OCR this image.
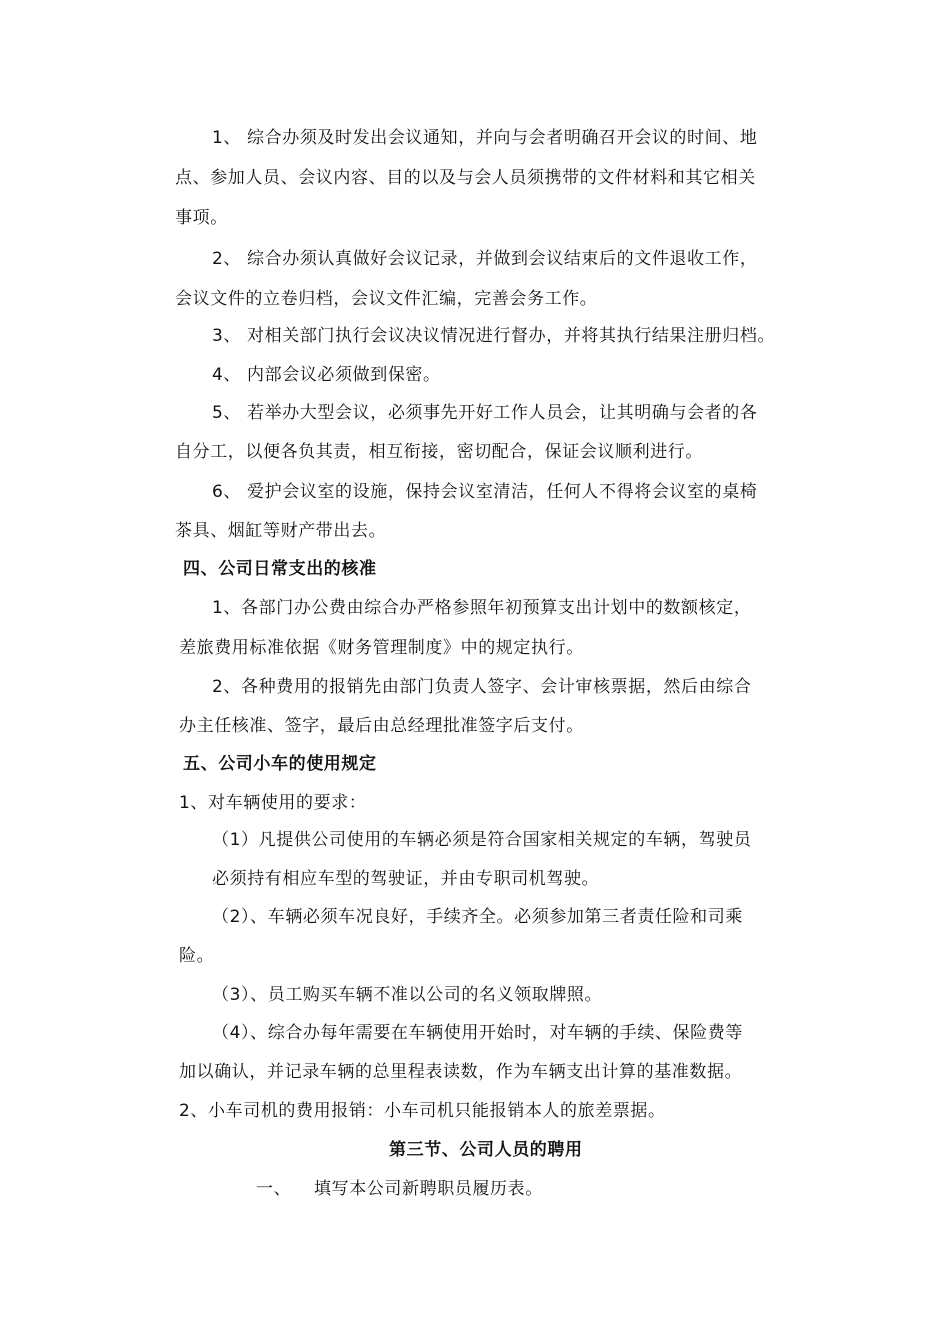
1、 综合办须及时发出会议通知，并向与会者明确召开会议的时间、地
点、参加人员、会议内容、目的以及与会人员须携带的文件材料和其它相关
事项。
2、 综合办须认真做好会议记录，并做到会议结束后的文件退收工作，
会议文件的立卷归档，会议文件汇编，完善会务工作。
3、 对相关部门执行会议决议情况进行督办，并将其执行结果注册归档。
4、 内部会议必须做到保密。
5、 若举办大型会议，必须事先开好工作人员会，让其明确与会者的各
自分工，以便各负其责，相互衔接，密切配合，保证会议顺利进行。
6、 爱护会议室的设施，保持会议室清洁，任何人不得将会议室的桌椅
茶具、烟缸等财产带出去。
四、公司日常支出的核准
1、各部门办公费由综合办严格参照年初预算支出计划中的数额核定，
差旅费用标准依据《财务管理制度》中的规定执行。
2、各种费用的报销先由部门负责人签字、会计审核票据，然后由综合
办主任核准、签字，最后由总经理批准签字后支付。
五、公司小车的使用规定
1、对车辆使用的要求：
（1）凡提供公司使用的车辆必须是符合国家相关规定的车辆，驾驶员
必须持有相应车型的驾驶证，并由专职司机驾驶。
（2）、车辆必须车况良好，手续齐全。必须参加第三者责任险和司乘
险。
（3）、员工购买车辆不准以公司的名义领取牌照。
（4）、综合办每年需要在车辆使用开始时，对车辆的手续、保险费等
加以确认，并记录车辆的总里程表读数，作为车辆支出计算的基准数据。
2、小车司机的费用报销：小车司机只能报销本人的旅差票据。
第三节、公司人员的聘用
一、 填写本公司新聘职员履历表。
